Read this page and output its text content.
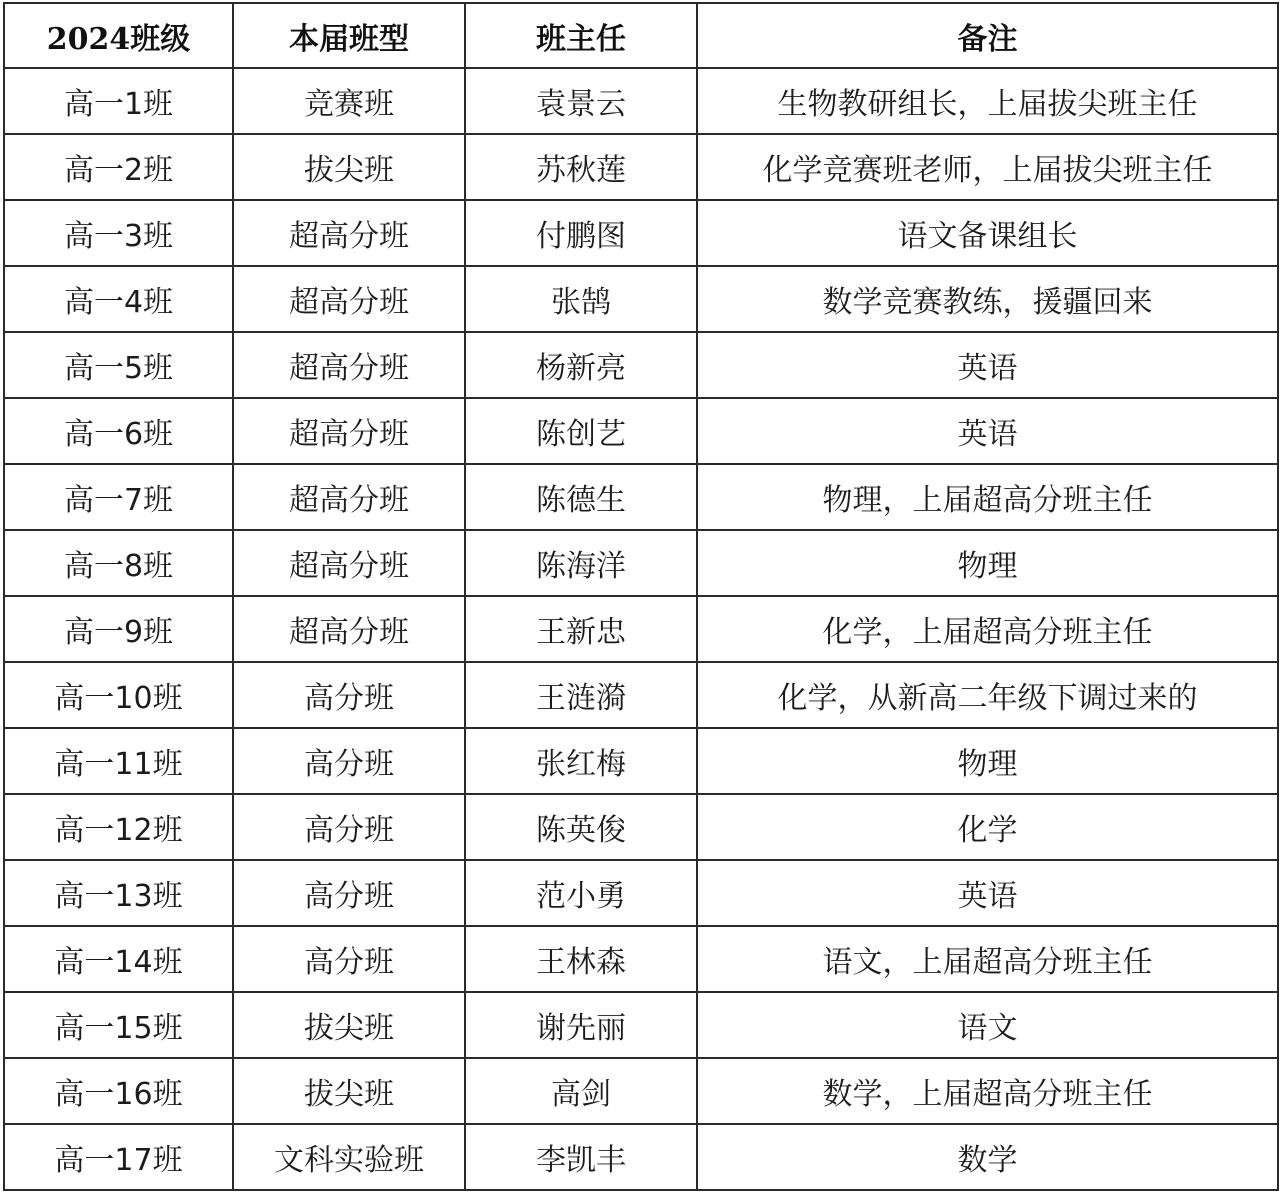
2024班级	本届班型	班主任	备注
高一1班	竞赛班	袁景云	生物教研组长，上届拔尖班主任
高一2班	拔尖班	苏秋莲	化学竞赛班老师，上届拔尖班主任
高一3班	超高分班	付鹏图	语文备课组长
高一4班	超高分班	张鹄	数学竞赛教练，援疆回来
高一5班	超高分班	杨新亮	英语
高一6班	超高分班	陈创艺	英语
高一7班	超高分班	陈德生	物理，上届超高分班主任
高一8班	超高分班	陈海洋	物理
高一9班	超高分班	王新忠	化学，上届超高分班主任
高一10班	高分班	王涟漪	化学，从新高二年级下调过来的
高一11班	高分班	张红梅	物理
高一12班	高分班	陈英俊	化学
高一13班	高分班	范小勇	英语
高一14班	高分班	王林森	语文，上届超高分班主任
高一15班	拔尖班	谢先丽	语文
高一16班	拔尖班	高剑	数学，上届超高分班主任
高一17班	文科实验班	李凯丰	数学
